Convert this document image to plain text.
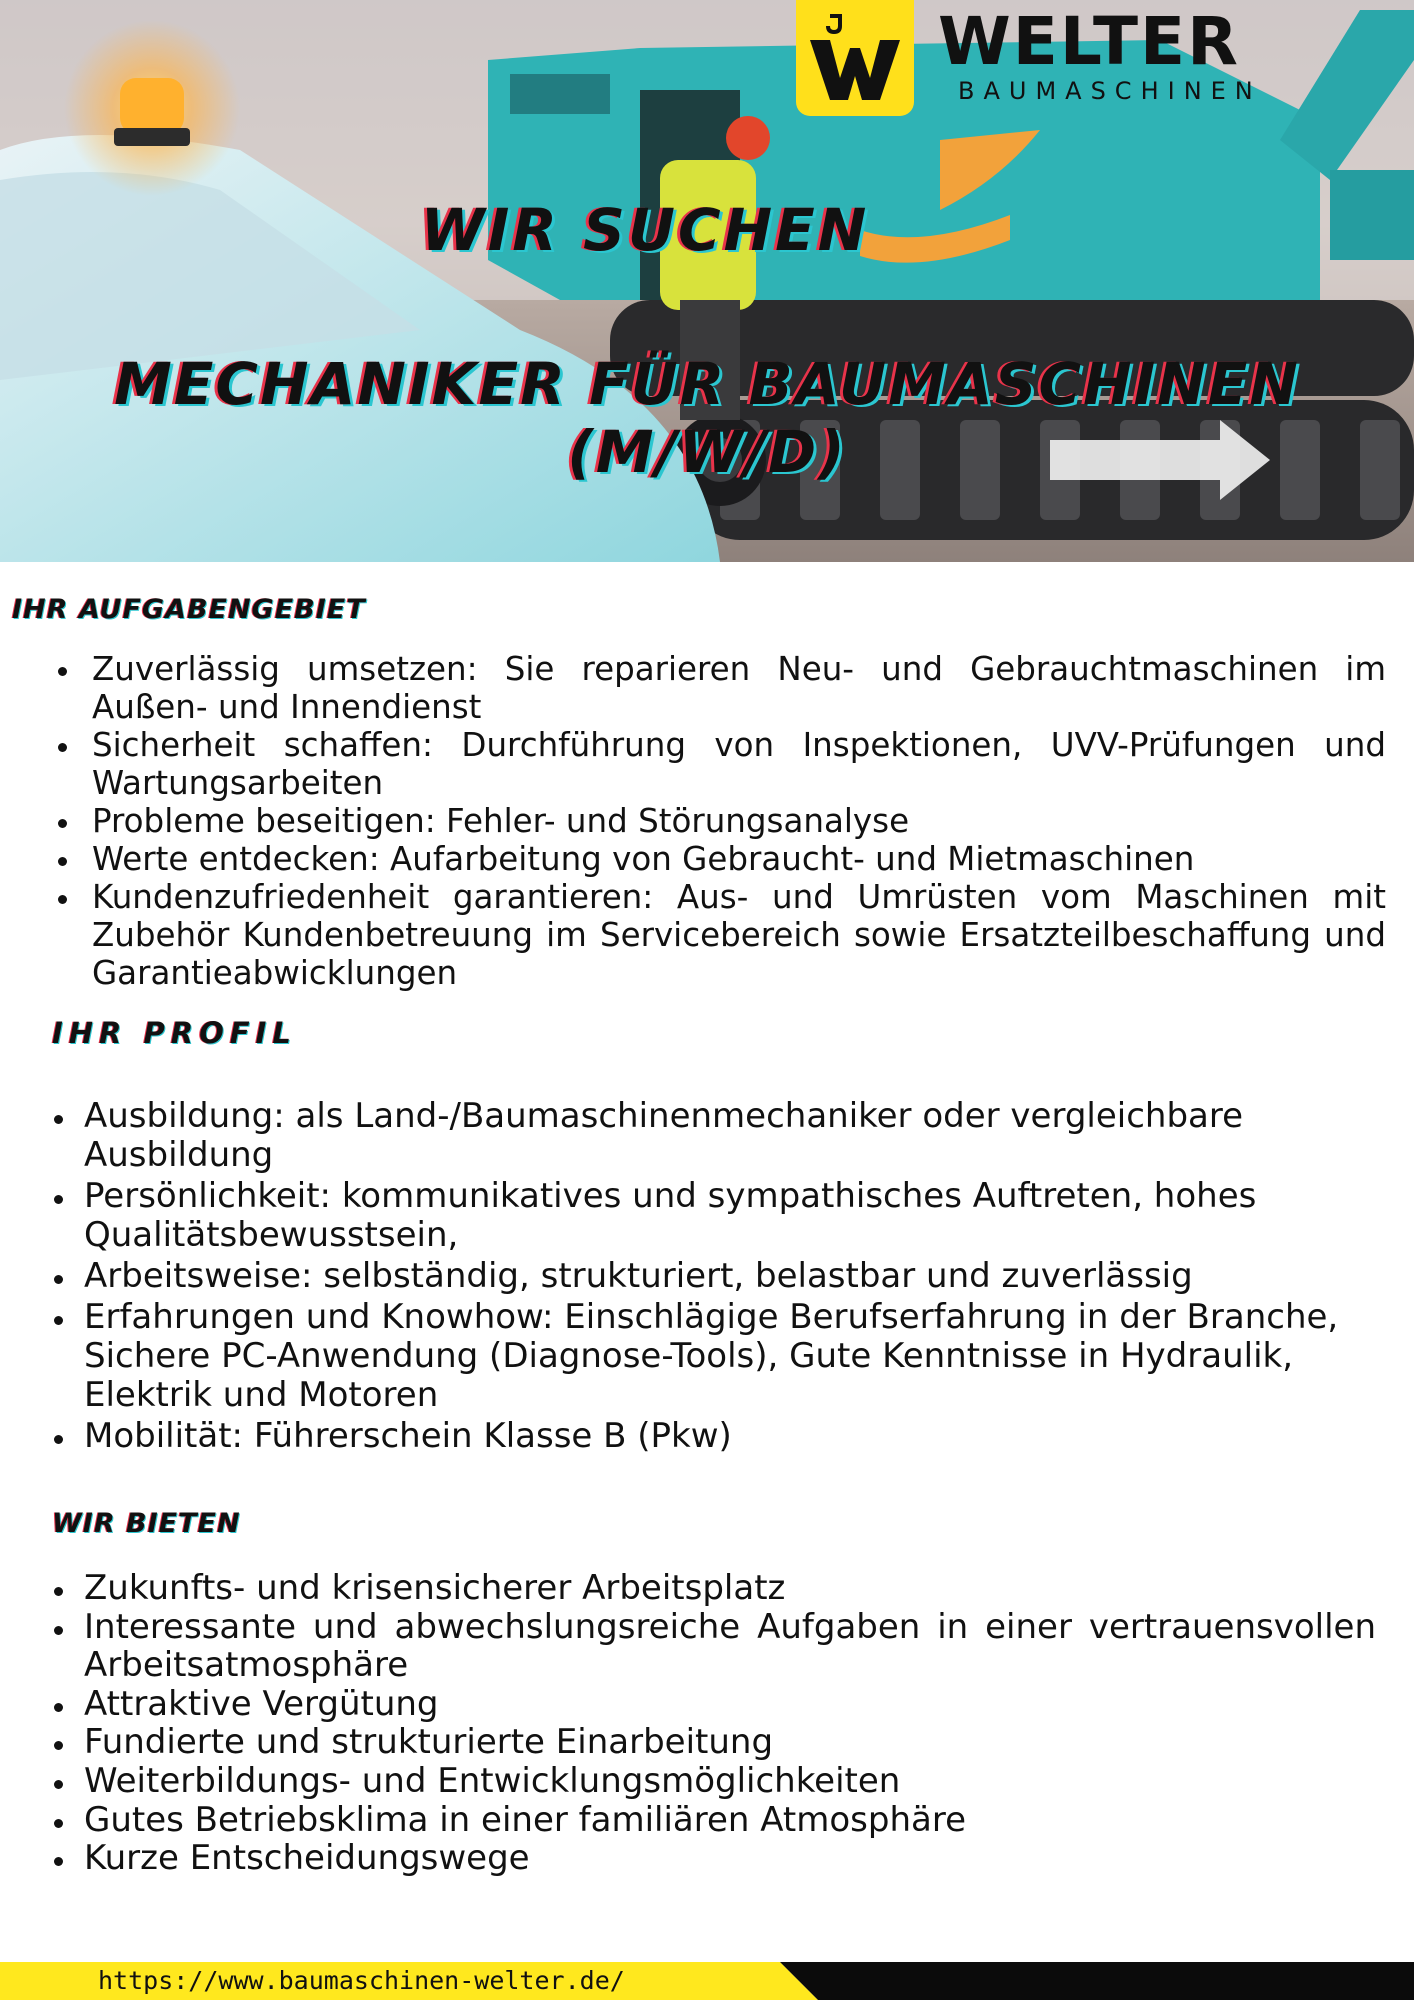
WELTER

BAUMASCHINEN

WIR SUCHEN
MECHANIKER FÜR BAUMASCHINEN (M/W/D)
IHR AUFGABENGEBIET
Zuverlässig umsetzen: Sie reparieren Neu- und Gebrauchtmaschinen im Außen- und Innendienst
Sicherheit schaffen: Durchführung von Inspektionen, UVV-Prüfungen und Wartungsarbeiten
Probleme beseitigen: Fehler- und Störungsanalyse
Werte entdecken: Aufarbeitung von Gebraucht- und Mietmaschinen
Kundenzufriedenheit garantieren: Aus- und Umrüsten vom Maschinen mit Zubehör Kundenbetreuung im Servicebereich sowie Ersatzteilbeschaffung und Garantieabwicklungen
IHR PROFIL
Ausbildung: als Land-/Baumaschinenmechaniker oder vergleichbare Ausbildung
Persönlichkeit: kommunikatives und sympathisches Auftreten, hohes Qualitätsbewusstsein,
Arbeitsweise: selbständig, strukturiert, belastbar und zuverlässig
Erfahrungen und Knowhow: Einschlägige Berufserfahrung in der Branche, Sichere PC-Anwendung (Diagnose-Tools), Gute Kenntnisse in Hydraulik, Elektrik und Motoren
Mobilität: Führerschein Klasse B (Pkw)
WIR BIETEN
Zukunfts- und krisensicherer Arbeitsplatz
Interessante und abwechslungsreiche Aufgaben in einer vertrauensvollen Arbeitsatmosphäre
Attraktive Vergütung
Fundierte und strukturierte Einarbeitung
Weiterbildungs- und Entwicklungsmöglichkeiten
Gutes Betriebsklima in einer familiären Atmosphäre
Kurze Entscheidungswege
https://www.baumaschinen-welter.de/
